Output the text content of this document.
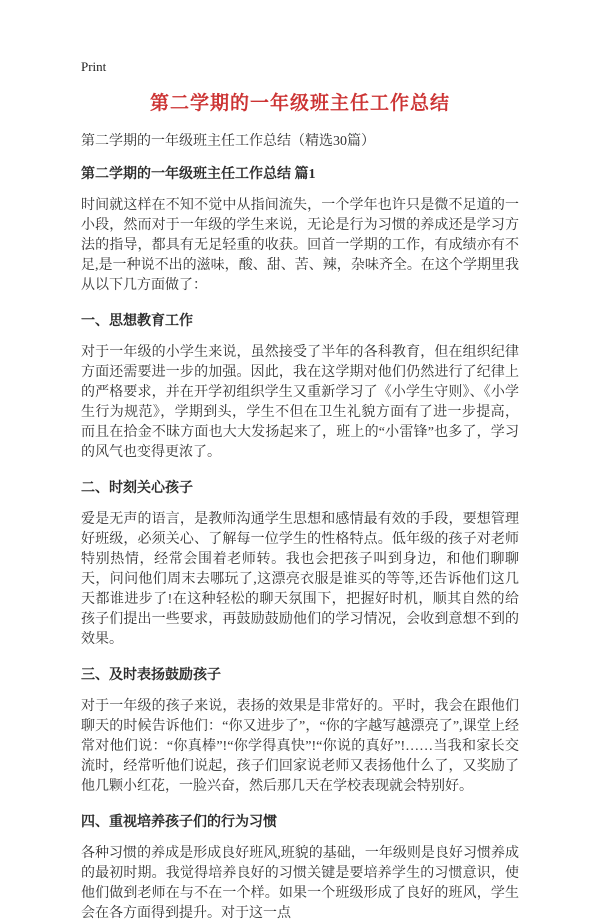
Print
第二学期的一年级班主任工作总结

第二学期的一年级班主任工作总结（精选30篇）

第二学期的一年级班主任工作总结 篇1

时间就这样在不知不觉中从指间流失，一个学年也许只是微不足道的一小段，然而对于一年级的学生来说，无论是行为习惯的养成还是学习方法的指导，都具有无足轻重的收获。回首一学期的工作，有成绩亦有不足,是一种说不出的滋味，酸、甜、苦、辣，杂味齐全。在这个学期里我从以下几方面做了：

一、思想教育工作

对于一年级的小学生来说，虽然接受了半年的各科教育，但在组织纪律方面还需要进一步的加强。因此，我在这学期对他们仍然进行了纪律上的严格要求，并在开学初组织学生又重新学习了《小学生守则》、《小学生行为规范》，学期到头，学生不但在卫生礼貌方面有了进一步提高，而且在拾金不昧方面也大大发扬起来了，班上的“小雷锋”也多了，学习的风气也变得更浓了。

二、时刻关心孩子

爱是无声的语言，是教师沟通学生思想和感情最有效的手段，要想管理好班级，必须关心、了解每一位学生的性格特点。低年级的孩子对老师特别热情，经常会围着老师转。我也会把孩子叫到身边，和他们聊聊天，问问他们周末去哪玩了,这漂亮衣服是谁买的等等,还告诉他们这几天都谁进步了!在这种轻松的聊天氛围下，把握好时机，顺其自然的给孩子们提出一些要求，再鼓励鼓励他们的学习情况，会收到意想不到的效果。

三、及时表扬鼓励孩子

对于一年级的孩子来说，表扬的效果是非常好的。平时，我会在跟他们聊天的时候告诉他们：“你又进步了”，“你的字越写越漂亮了”,课堂上经常对他们说：“你真棒”!“你学得真快”!“你说的真好”!……当我和家长交流时，经常听他们说起，孩子们回家说老师又表扬他什么了，又奖励了他几颗小红花，一脸兴奋，然后那几天在学校表现就会特别好。

四、重视培养孩子们的行为习惯

各种习惯的养成是形成良好班风,班貌的基础，一年级则是良好习惯养成的最初时期。我觉得培养良好的习惯关键是要培养学生的习惯意识，使他们做到老师在与不在一个样。如果一个班级形成了良好的班风，学生会在各方面得到提升。对于这一点
